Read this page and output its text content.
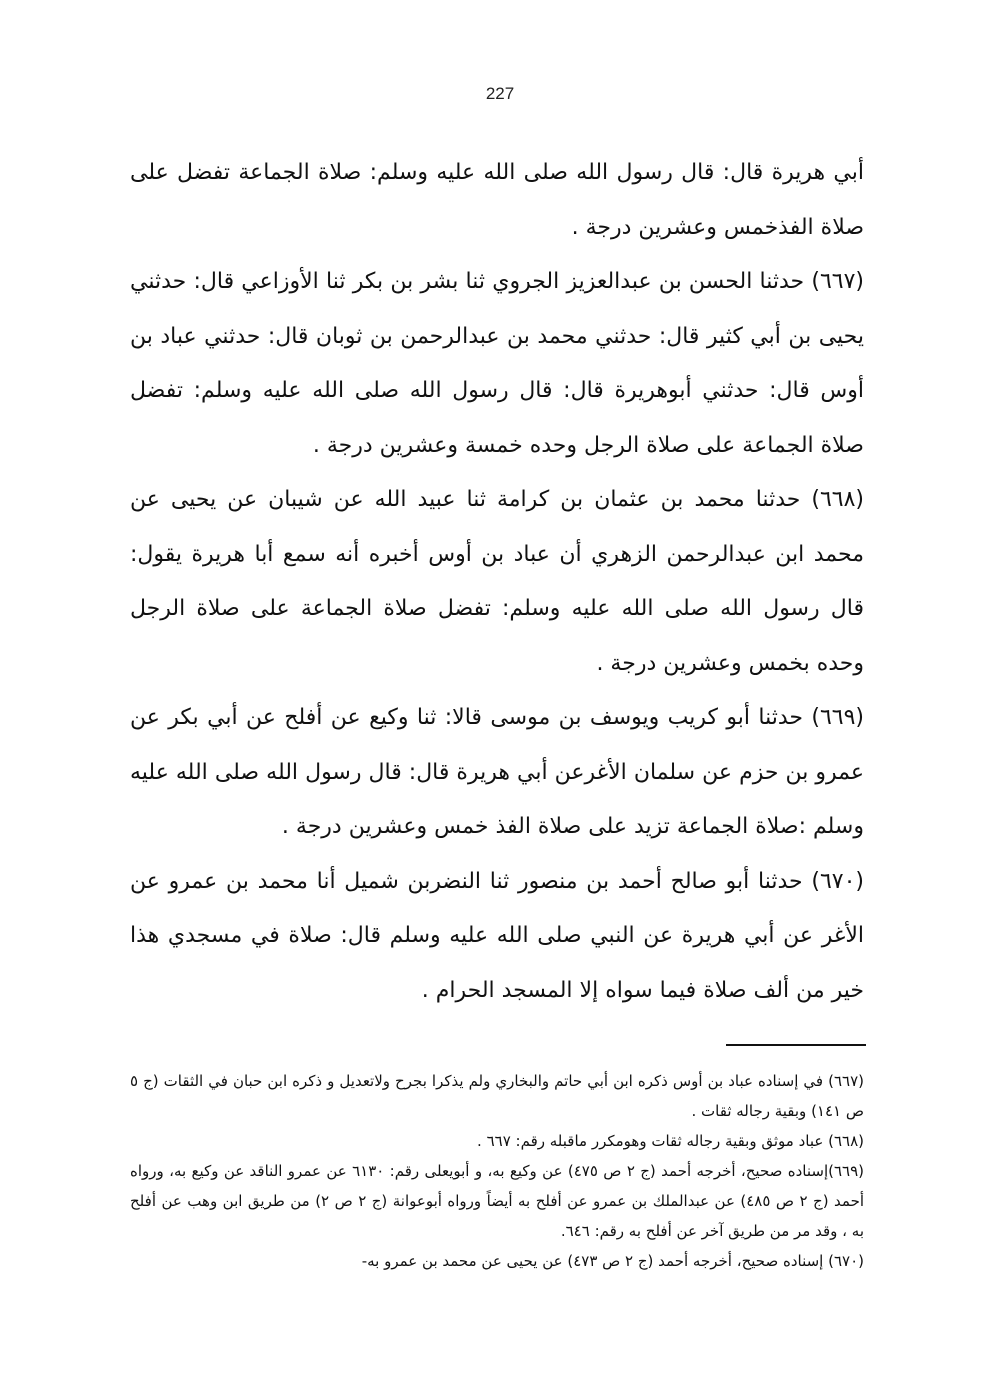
227

أبي هريرة قال: قال رسول الله صلى الله عليه وسلم: صلاة الجماعة تفضل على صلاة الفذخمس وعشرين درجة .

(٦٦٧) حدثنا الحسن بن عبدالعزيز الجروي ثنا بشر بن بكر ثنا الأوزاعي قال: حدثني يحيى بن أبي كثير قال: حدثني محمد بن عبدالرحمن بن ثوبان قال: حدثني عباد بن أوس قال: حدثني أبوهريرة قال: قال رسول الله صلى الله عليه وسلم: تفضل صلاة الجماعة على صلاة الرجل وحده خمسة وعشرين درجة .

(٦٦٨) حدثنا محمد بن عثمان بن كرامة ثنا عبيد الله عن شيبان عن يحيى عن محمد ابن عبدالرحمن الزهري أن عباد بن أوس أخبره أنه سمع أبا هريرة يقول: قال رسول الله صلى الله عليه وسلم: تفضل صلاة الجماعة على صلاة الرجل وحده بخمس وعشرين درجة .

(٦٦٩) حدثنا أبو كريب ويوسف بن موسى قالا: ثنا وكيع عن أفلح عن أبي بكر عن عمرو بن حزم عن سلمان الأغرعن أبي هريرة قال: قال رسول الله صلى الله عليه وسلم :صلاة الجماعة تزيد على صلاة الفذ خمس وعشرين درجة .

(٦٧٠) حدثنا أبو صالح أحمد بن منصور ثنا النضربن شميل أنا محمد بن عمرو عن الأغر عن أبي هريرة عن النبي صلى الله عليه وسلم قال: صلاة في مسجدي هذا خير من ألف صلاة فيما سواه إلا المسجد الحرام .

(٦٦٧) في إسناده عباد بن أوس ذكره ابن أبي حاتم والبخاري ولم يذكرا بجرح ولاتعديل و ذكره ابن حبان في الثقات (ج ٥ ص ١٤١) وبقية رجاله ثقات .

(٦٦٨) عباد موثق وبقية رجاله ثقات وهومكرر ماقبله رقم: ٦٦٧ .

(٦٦٩)إسناده صحيح، أخرجه أحمد (ج ٢ ص ٤٧٥) عن وكيع به، و أبويعلى رقم: ٦١٣٠ عن عمرو الناقد عن وكيع به، ورواه أحمد (ج ٢ ص ٤٨٥) عن عبدالملك بن عمرو عن أفلح به أيضاً ورواه أبوعوانة (ج ٢ ص ٢) من طريق ابن وهب عن أفلح به ، وقد مر من طريق آخر عن أفلح به رقم: ٦٤٦.

(٦٧٠) إسناده صحيح، أخرجه أحمد (ج ٢ ص ٤٧٣) عن يحيى عن محمد بن عمرو به-
